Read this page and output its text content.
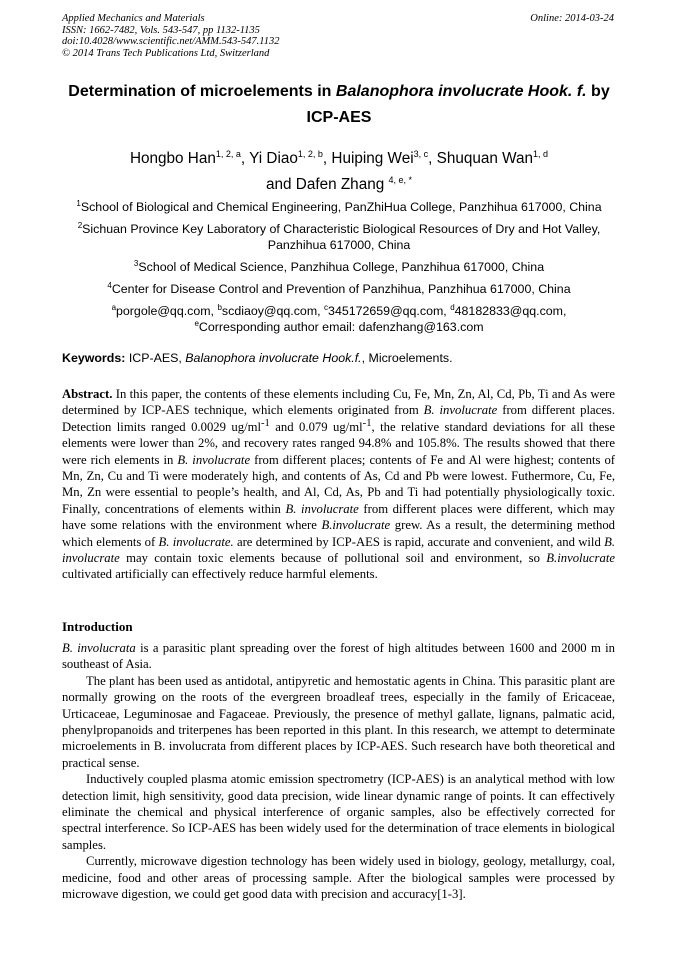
Applied Mechanics and Materials
ISSN: 1662-7482, Vols. 543-547, pp 1132-1135
doi:10.4028/www.scientific.net/AMM.543-547.1132
© 2014 Trans Tech Publications Ltd, Switzerland
Online: 2014-03-24
Determination of microelements in Balanophora involucrate Hook. f. by
ICP-AES
Hongbo Han$^{1, 2, a}$, Yi Diao$^{1, 2, b}$, Huiping Wei$^{3, c}$, Shuquan Wan$^{1, d}$
and Dafen Zhang $^{4, e, *}$
$^1$School of Biological and Chemical Engineering, PanZhiHua College, Panzhihua 617000, China
$^2$Sichuan Province Key Laboratory of Characteristic Biological Resources of Dry and Hot Valley, Panzhihua 617000, China
$^3$School of Medical Science, Panzhihua College, Panzhihua 617000, China
$^4$Center for Disease Control and Prevention of Panzhihua, Panzhihua 617000, China
$^a$porgole@qq.com, $^b$scdiaoy@qq.com, $^c$345172659@qq.com, $^d$48182833@qq.com,
$^e$Corresponding author email: dafenzhang@163.com
Keywords: ICP-AES, Balanophora involucrate Hook.f., Microelements.
Abstract. In this paper, the contents of these elements including Cu, Fe, Mn, Zn, Al, Cd, Pb, Ti and As were determined by ICP-AES technique, which elements originated from B. involucrate from different places. Detection limits ranged 0.0029 $ug/ml^{-1}$ and 0.079 $ug/ml^{-1}$, the relative standard deviations for all these elements were lower than 2%, and recovery rates ranged 94.8% and 105.8%. The results showed that there were rich elements in B. involucrate from different places; contents of Fe and Al were highest; contents of Mn, Zn, Cu and Ti were moderately high, and contents of As, Cd and Pb were lowest. Futhermore, Cu, Fe, Mn, Zn were essential to people’s health, and Al, Cd, As, Pb and Ti had potentially physiologically toxic. Finally, concentrations of elements within B. involucrate from different places were different, which may have some relations with the environment where B.involucrate grew. As a result, the determining method which elements of B. involucrate. are determined by ICP-AES is rapid, accurate and convenient, and wild B. involucrate may contain toxic elements because of pollutional soil and environment, so B.involucrate cultivated artificially can effectively reduce harmful elements.
Introduction

B. involucrata is a parasitic plant spreading over the forest of high altitudes between 1600 and 2000 m in southeast of Asia.

The plant has been used as antidotal, antipyretic and hemostatic agents in China. This parasitic plant are normally growing on the roots of the evergreen broadleaf trees, especially in the family of Ericaceae, Urticaceae, Leguminosae and Fagaceae. Previously, the presence of methyl gallate, lignans, palmatic acid, phenylpropanoids and triterpenes has been reported in this plant. In this research, we attempt to determinate microelements in B. involucrata from different places by ICP-AES. Such research have both theoretical and practical sense.

Inductively coupled plasma atomic emission spectrometry (ICP-AES) is an analytical method with low detection limit, high sensitivity, good data precision, wide linear dynamic range of points. It can effectively eliminate the chemical and physical interference of organic samples, also be effectively corrected for spectral interference. So ICP-AES has been widely used for the determination of trace elements in biological samples.

Currently, microwave digestion technology has been widely used in biology, geology, metallurgy, coal, medicine, food and other areas of processing sample. After the biological samples were processed by microwave digestion, we could get good data with precision and accuracy[1-3].
